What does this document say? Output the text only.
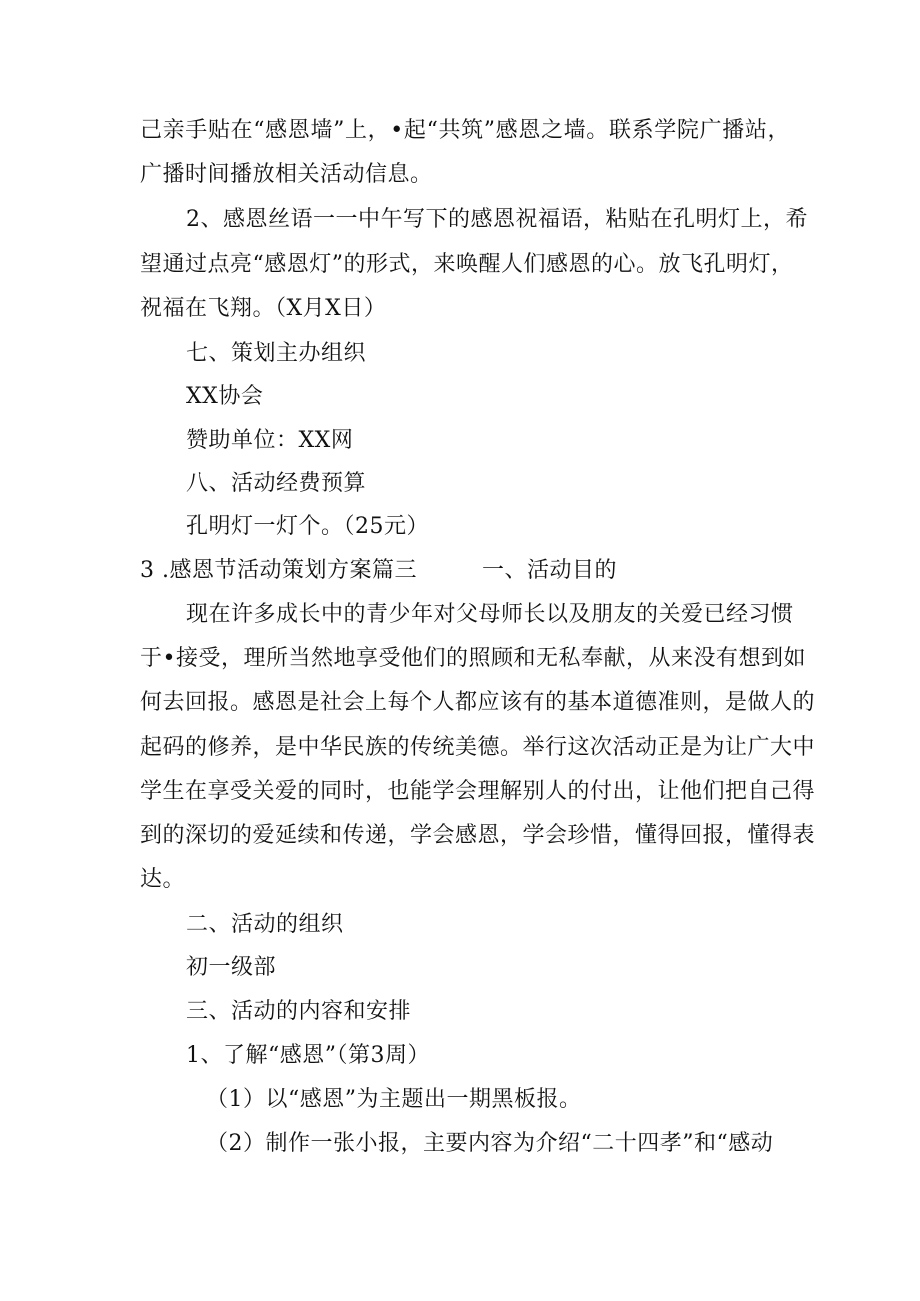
己亲手贴在“感恩墙”上，•起“共筑”感恩之墙。联系学院广播站，
广播时间播放相关活动信息。
2、感恩丝语一一中午写下的感恩祝福语，粘贴在孔明灯上，希
望通过点亮“感恩灯”的形式，来唤醒人们感恩的心。放飞孔明灯，
祝福在飞翔。（X月X日）
七、策划主办组织
XX协会
赞助单位：XX网
八、活动经费预算
孔明灯一灯个。（25元）
3 .感恩节活动策划方案篇三	一、活动目的
现在许多成长中的青少年对父母师长以及朋友的关爱已经习惯
于•接受，理所当然地享受他们的照顾和无私奉献，从来没有想到如
何去回报。感恩是社会上每个人都应该有的基本道德准则，是做人的
起码的修养，是中华民族的传统美德。举行这次活动正是为让广大中
学生在享受关爱的同时，也能学会理解别人的付出，让他们把自己得
到的深切的爱延续和传递，学会感恩，学会珍惜，懂得回报，懂得表
达。
二、活动的组织
初一级部
三、活动的内容和安排
1、了解“感恩”（第3周）
（1）以“感恩”为主题出一期黑板报。
（2）制作一张小报，主要内容为介绍“二十四孝”和“感动
